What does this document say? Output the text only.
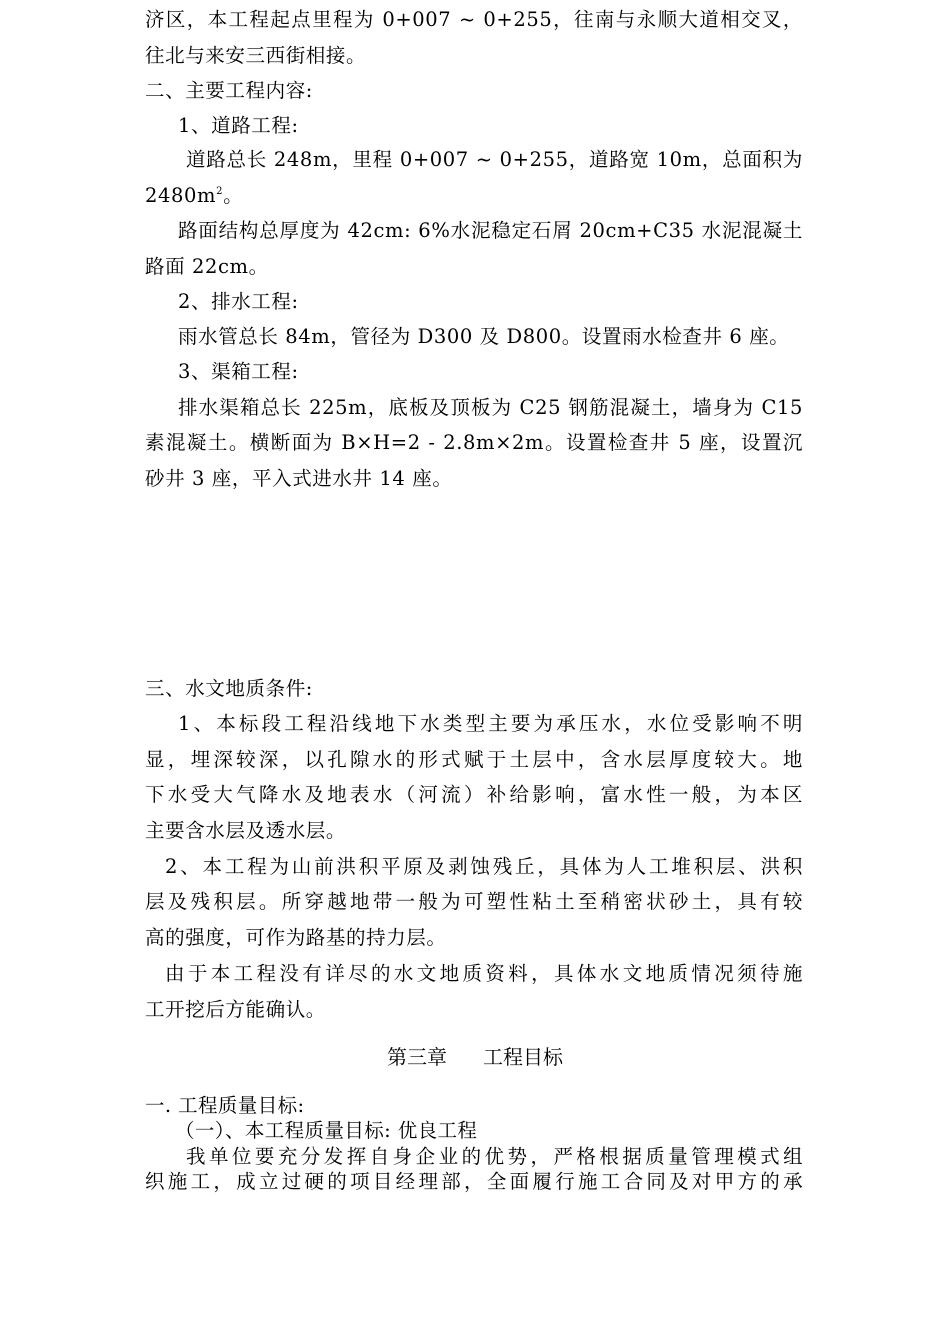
济区，本工程起点里程为 0+007 ~ 0+255，往南与永顺大道相交叉，
往北与来安三西街相接。
二、主要工程内容:
1、道路工程:
道路总长 248m，里程 0+007 ~ 0+255，道路宽 10m，总面积为
$2480m^2$。
路面结构总厚度为 42cm: 6%水泥稳定石屑 20cm+C35 水泥混凝土
路面 22cm。
2、排水工程:
雨水管总长 84m，管径为 D300 及 D800。设置雨水检查井 6 座。
3、渠箱工程:
排水渠箱总长 225m，底板及顶板为 C25 钢筋混凝土，墙身为 C15
素混凝土。横断面为 B×H=2 - 2.8m×2m。设置检查井 5 座，设置沉
砂井 3 座，平入式进水井 14 座。
三、水文地质条件:
1、本标段工程沿线地下水类型主要为承压水，水位受影响不明
显，埋深较深，以孔隙水的形式赋于土层中，含水层厚度较大。地
下水受大气降水及地表水（河流）补给影响，富水性一般，为本区
主要含水层及透水层。
2、本工程为山前洪积平原及剥蚀残丘，具体为人工堆积层、洪积
层及残积层。所穿越地带一般为可塑性粘土至稍密状砂土，具有较
高的强度，可作为路基的持力层。
由于本工程没有详尽的水文地质资料，具体水文地质情况须待施
工开挖后方能确认。
第三章 工程目标
一. 工程质量目标:
（一）、本工程质量目标: 优良工程
我单位要充分发挥自身企业的优势，严格根据质量管理模式组
织施工，成立过硬的项目经理部，全面履行施工合同及对甲方的承
